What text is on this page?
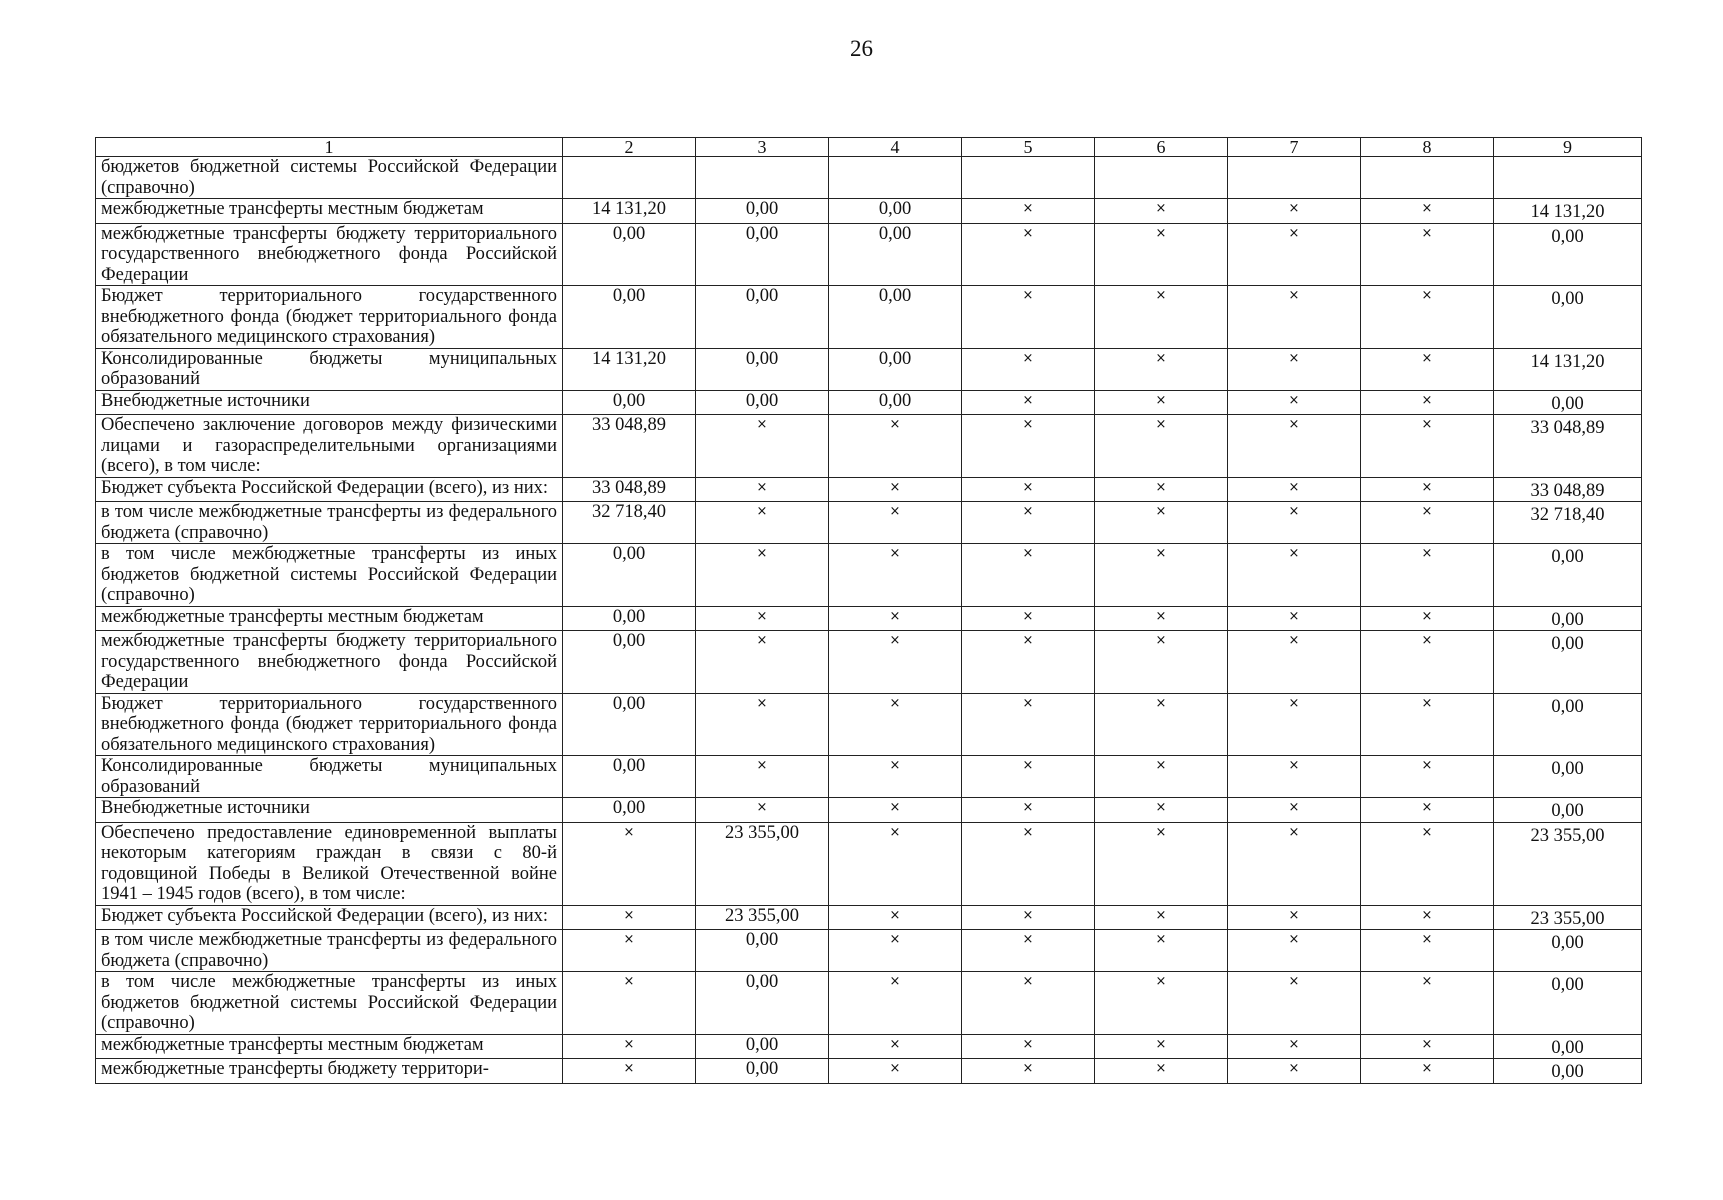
26
1	2	3	4	5	6	7	8	9
бюджетов бюджетной системы Российской Федерации (справочно)								
межбюджетные трансферты местным бюджетам	14 131,20	0,00	0,00	×	×	×	×	14 131,20
межбюджетные трансферты бюджету территориального государственного внебюджетного фонда Российской Федерации	0,00	0,00	0,00	×	×	×	×	0,00
Бюджет территориального государственного внебюджетного фонда (бюджет территориального фонда обязательного медицинского страхования)	0,00	0,00	0,00	×	×	×	×	0,00
Консолидированные бюджеты муниципальных образований	14 131,20	0,00	0,00	×	×	×	×	14 131,20
Внебюджетные источники	0,00	0,00	0,00	×	×	×	×	0,00
Обеспечено заключение договоров между физическими лицами и газораспределительными организациями (всего), в том числе:	33 048,89	×	×	×	×	×	×	33 048,89
Бюджет субъекта Российской Федерации (всего), из них:	33 048,89	×	×	×	×	×	×	33 048,89
в том числе межбюджетные трансферты из федерального бюджета (справочно)	32 718,40	×	×	×	×	×	×	32 718,40
в том числе межбюджетные трансферты из иных бюджетов бюджетной системы Российской Федерации (справочно)	0,00	×	×	×	×	×	×	0,00
межбюджетные трансферты местным бюджетам	0,00	×	×	×	×	×	×	0,00
межбюджетные трансферты бюджету территориального государственного внебюджетного фонда Российской Федерации	0,00	×	×	×	×	×	×	0,00
Бюджет территориального государственного внебюджетного фонда (бюджет территориального фонда обязательного медицинского страхования)	0,00	×	×	×	×	×	×	0,00
Консолидированные бюджеты муниципальных образований	0,00	×	×	×	×	×	×	0,00
Внебюджетные источники	0,00	×	×	×	×	×	×	0,00
Обеспечено предоставление единовременной выплаты некоторым категориям граждан в связи с 80-й годовщиной Победы в Великой Отечественной войне 1941 – 1945 годов (всего), в том числе:	×	23 355,00	×	×	×	×	×	23 355,00
Бюджет субъекта Российской Федерации (всего), из них:	×	23 355,00	×	×	×	×	×	23 355,00
в том числе межбюджетные трансферты из федерального бюджета (справочно)	×	0,00	×	×	×	×	×	0,00
в том числе межбюджетные трансферты из иных бюджетов бюджетной системы Российской Федерации (справочно)	×	0,00	×	×	×	×	×	0,00
межбюджетные трансферты местным бюджетам	×	0,00	×	×	×	×	×	0,00
межбюджетные трансферты бюджету территори-	×	0,00	×	×	×	×	×	0,00
